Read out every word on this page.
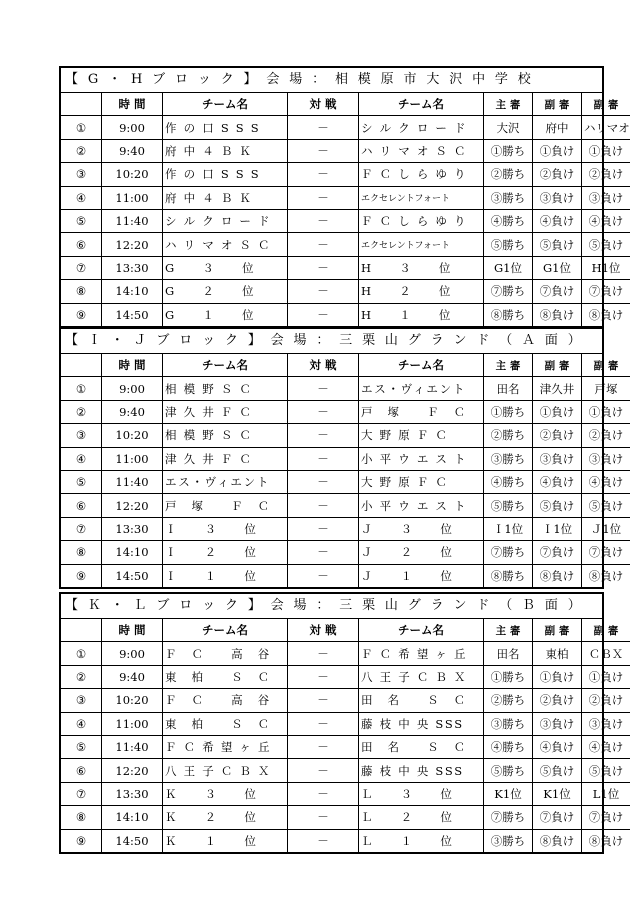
【 G ・ H ブ ロ ッ ク 】 会 場 ： 相 模 原 市 大 沢 中 学 校
	時 間	チーム名	対 戦	チーム名	主 審	副 審	副 審
①	9:00	作 の 口 S S S	－	シ ル ク ロ ー ド	大沢	府中	ハリマオ
②	9:40	府 中 ４ Ｂ Ｋ	－	ハ リ マ オ Ｓ Ｃ	①勝ち	①負け	①負け
③	10:20	作 の 口 S S S	－	Ｆ Ｃ し ら ゆ り	②勝ち	②負け	②負け
④	11:00	府 中 ４ Ｂ Ｋ	－	エクセレントフォート	③勝ち	③負け	③負け
⑤	11:40	シ ル ク ロ ー ド	－	Ｆ Ｃ し ら ゆ り	④勝ち	④負け	④負け
⑥	12:20	ハ リ マ オ Ｓ Ｃ	－	エクセレントフォート	⑤勝ち	⑤負け	⑤負け
⑦	13:30	G　　３　　位	－	H　　３　　位	G1位	G1位	H1位
⑧	14:10	G　　２　　位	－	H　　２　　位	⑦勝ち	⑦負け	⑦負け
⑨	14:50	G　　１　　位	－	H　　１　　位	⑧勝ち	⑧負け	⑧負け
【 Ｉ ・ Ｊ ブ ロ ッ ク 】 会 場 ： 三 栗 山 グ ラ ン ド （ Ａ 面 ）
	時 間	チーム名	対 戦	チーム名	主 審	副 審	副 審
①	9:00	相 模 野 Ｓ Ｃ	－	エス・ヴィエント	田名	津久井	戸塚
②	9:40	津 久 井 Ｆ Ｃ	－	戸　塚　　Ｆ　Ｃ	①勝ち	①負け	①負け
③	10:20	相 模 野 Ｓ Ｃ	－	大 野 原 Ｆ Ｃ	②勝ち	②負け	②負け
④	11:00	津 久 井 Ｆ Ｃ	－	小 平 ウ エ ス ト	③勝ち	③負け	③負け
⑤	11:40	エス・ヴィエント	－	大 野 原 Ｆ Ｃ	④勝ち	④負け	④負け
⑥	12:20	戸　塚　　Ｆ　Ｃ	－	小 平 ウ エ ス ト	⑤勝ち	⑤負け	⑤負け
⑦	13:30	Ｉ　　３　　位	－	Ｊ　　３　　位	Ｉ1位	Ｉ1位	Ｊ1位
⑧	14:10	Ｉ　　２　　位	－	Ｊ　　２　　位	⑦勝ち	⑦負け	⑦負け
⑨	14:50	Ｉ　　１　　位	－	Ｊ　　１　　位	⑧勝ち	⑧負け	⑧負け
【 Ｋ ・ Ｌ ブ ロ ッ ク 】 会 場 ： 三 栗 山 グ ラ ン ド （ Ｂ 面 ）
	時 間	チーム名	対 戦	チーム名	主 審	副 審	副 審
①	9:00	Ｆ　Ｃ　　高　谷	－	Ｆ Ｃ 希 望 ヶ 丘	田名	東柏	ＣＢＸ
②	9:40	東　柏　　Ｓ　Ｃ	－	八 王 子 Ｃ Ｂ Ｘ	①勝ち	①負け	①負け
③	10:20	Ｆ　Ｃ　　高　谷	－	田　名　　Ｓ　Ｃ	②勝ち	②負け	②負け
④	11:00	東　柏　　Ｓ　Ｃ	－	藤 枝 中 央 SSS	③勝ち	③負け	③負け
⑤	11:40	Ｆ Ｃ 希 望 ヶ 丘	－	田　名　　Ｓ　Ｃ	④勝ち	④負け	④負け
⑥	12:20	八 王 子 Ｃ Ｂ Ｘ	－	藤 枝 中 央 SSS	⑤勝ち	⑤負け	⑤負け
⑦	13:30	Ｋ　　３　　位	－	Ｌ　　３　　位	K1位	K1位	L1位
⑧	14:10	Ｋ　　２　　位	－	Ｌ　　２　　位	⑦勝ち	⑦負け	⑦負け
⑨	14:50	Ｋ　　１　　位	－	Ｌ　　１　　位	③勝ち	⑧負け	⑧負け
